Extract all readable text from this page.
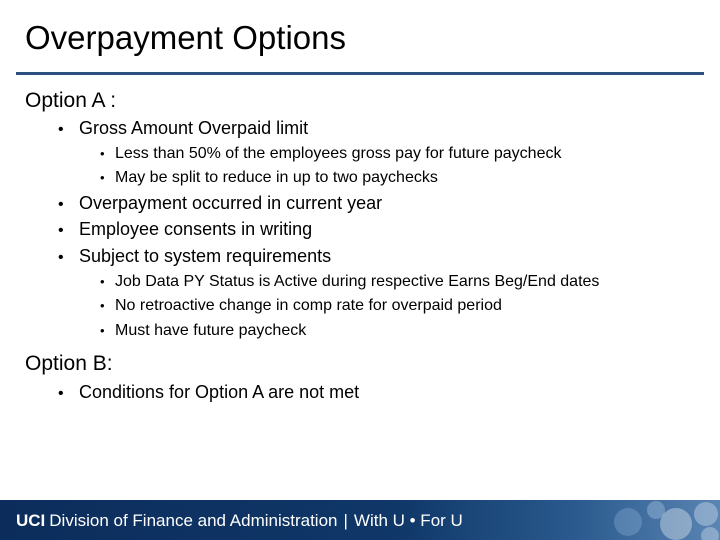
Overpayment Options
Option A :
• Gross Amount Overpaid limit
• Less than 50% of the employees gross pay for future paycheck
• May be split to reduce in up to two paychecks
• Overpayment occurred in current year
• Employee consents in writing
• Subject to system requirements
• Job Data PY Status is Active during respective Earns Beg/End dates
• No retroactive change in comp rate for overpaid period
• Must have future paycheck
Option B:
• Conditions for Option A are not met
UCI Division of Finance and Administration | With U • For U
